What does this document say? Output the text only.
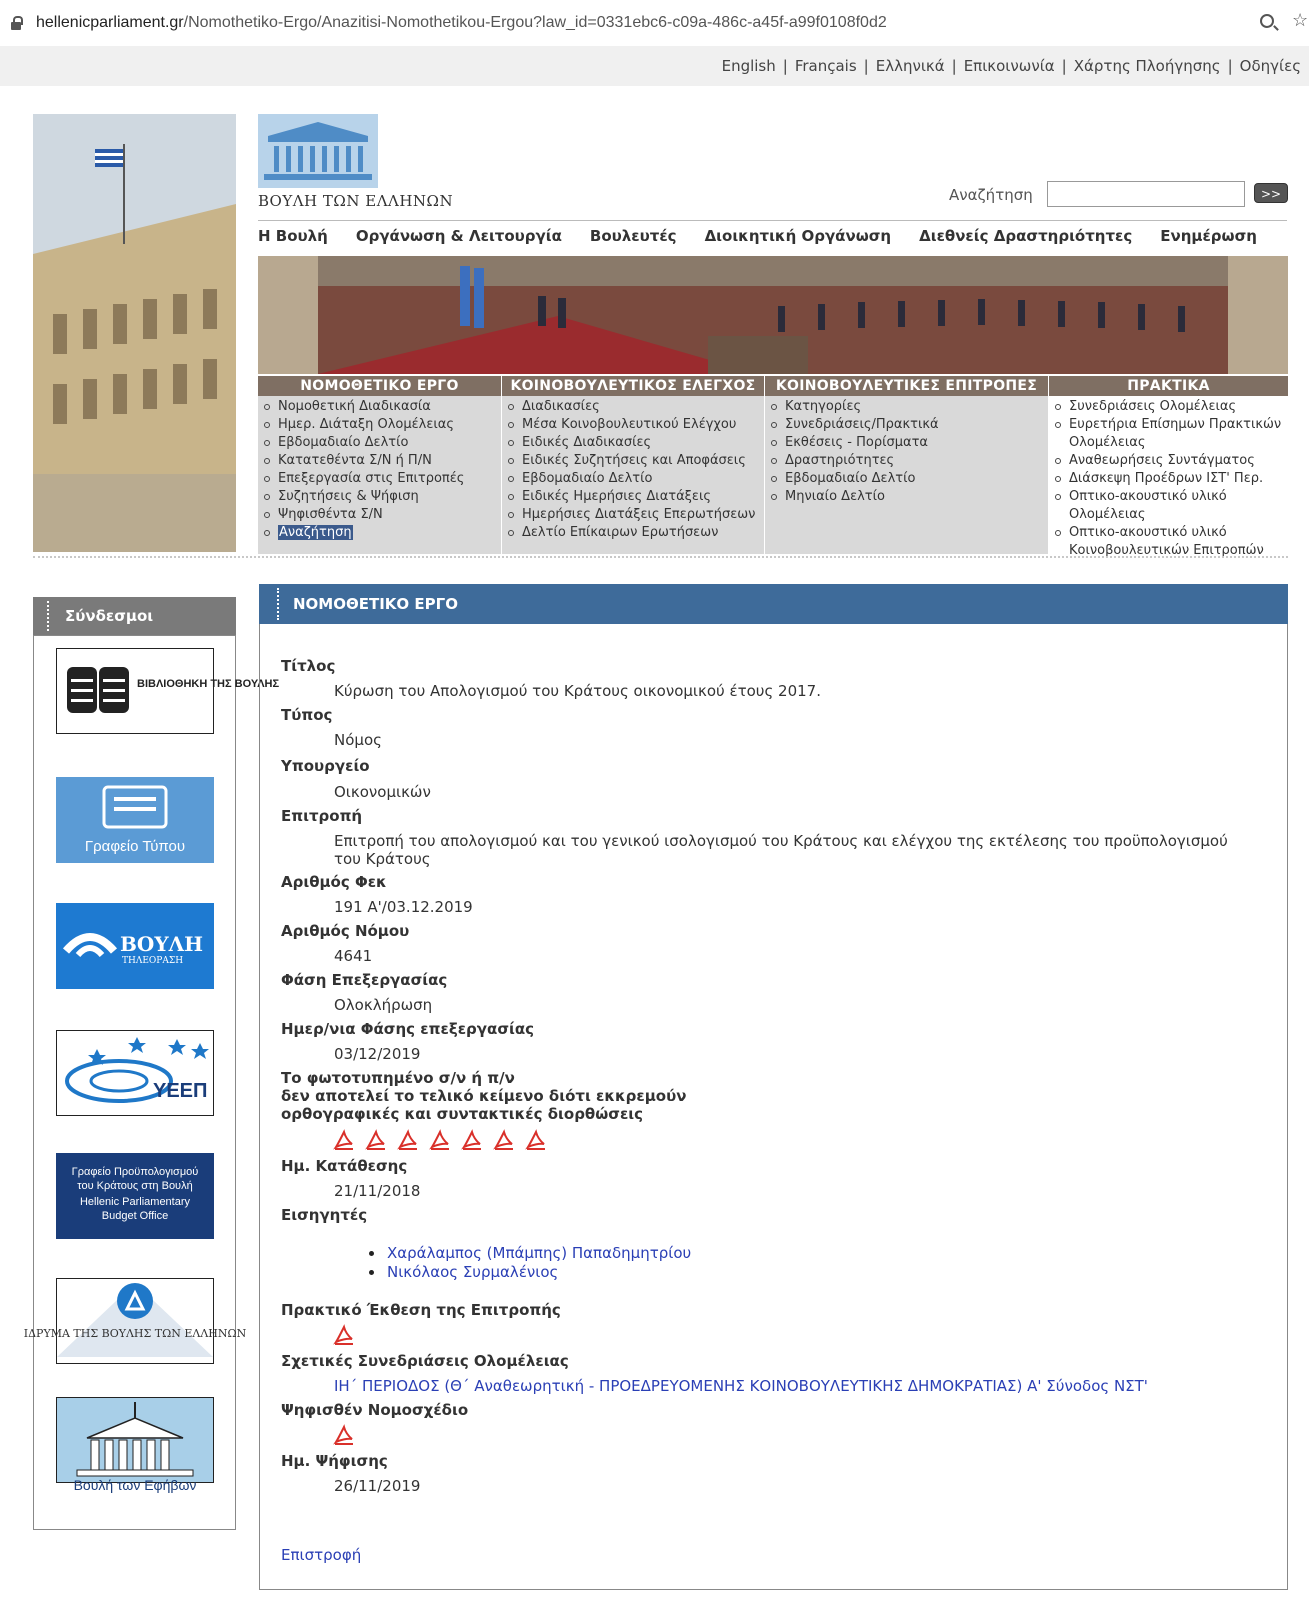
hellenicparliament.gr/Nomothetiko-Ergo/Anazitisi-Nomothetikou-Ergou?law_id=0331ebc6-c09a-486c-a45f-a99f0108f0d2	☆
English | Français | Ελληνικά | Επικοινωνία | Χάρτης Πλοήγησης | Οδηγίες
ΒΟΥΛΗ ΤΩΝ ΕΛΛΗΝΩΝ	Αναζήτηση	>>
Η Βουλή Οργάνωση & Λειτουργία Βουλευτές Διοικητική Οργάνωση Διεθνείς Δραστηριότητες Ενημέρωση
ΝΟΜΟΘΕΤΙΚΟ ΕΡΓΟ
Νομοθετική Διαδικασία
Ημερ. Διάταξη Ολομέλειας
Εβδομαδιαίο Δελτίο
Κατατεθέντα Σ/Ν ή Π/Ν
Επεξεργασία στις Επιτροπές
Συζητήσεις & Ψήφιση
Ψηφισθέντα Σ/Ν
Αναζήτηση
ΚΟΙΝΟΒΟΥΛΕΥΤΙΚΟΣ ΕΛΕΓΧΟΣ
Διαδικασίες
Μέσα Κοινοβουλευτικού Ελέγχου
Ειδικές Διαδικασίες
Ειδικές Συζητήσεις και Αποφάσεις
Εβδομαδιαίο Δελτίο
Ειδικές Ημερήσιες Διατάξεις
Ημερήσιες Διατάξεις Επερωτήσεων
Δελτίο Επίκαιρων Ερωτήσεων
ΚΟΙΝΟΒΟΥΛΕΥΤΙΚΕΣ ΕΠΙΤΡΟΠΕΣ
Κατηγορίες
Συνεδριάσεις/Πρακτικά
Εκθέσεις - Πορίσματα
Δραστηριότητες
Εβδομαδιαίο Δελτίο
Μηνιαίο Δελτίο
ΠΡΑΚΤΙΚΑ
Συνεδριάσεις Ολομέλειας
Ευρετήρια Επίσημων Πρακτικών Ολομέλειας
Αναθεωρήσεις Συντάγματος
Διάσκεψη Προέδρων ΙΣΤ' Περ.
Οπτικο-ακουστικό υλικό Ολομέλειας
Οπτικο-ακουστικό υλικό Κοινοβουλευτικών Επιτροπών
Σύνδεσμοι
ΒΙΒΛΙΟΘΗΚΗ ΤΗΣ ΒΟΥΛΗΣ
Γραφείο Τύπου
ΒΟΥΛΗ
ΤΗΛΕΟΡΑΣΗ
ΥΕΕΠ
Γραφείο Προϋπολογισμού του Κράτους στη Βουλή
Hellenic Parliamentary Budget Office
ΙΔΡΥΜΑ ΤΗΣ ΒΟΥΛΗΣ ΤΩΝ ΕΛΛΗΝΩΝ
Βουλή των Εφήβων
ΝΟΜΟΘΕΤΙΚΟ ΕΡΓΟ
Τίτλος
Κύρωση του Απολογισμού του Κράτους οικονομικού έτους 2017.
Τύπος
Νόμος
Υπουργείο
Οικονομικών
Επιτροπή
Επιτροπή του απολογισμού και του γενικού ισολογισμού του Κράτους και ελέγχου της εκτέλεσης του προϋπολογισμού του Κράτους
Αριθμός Φεκ
191 Α'/03.12.2019
Αριθμός Νόμου
4641
Φάση Επεξεργασίας
Ολοκλήρωση
Ημερ/νια Φάσης επεξεργασίας
03/12/2019
Το φωτοτυπημένο σ/ν ή π/ν
δεν αποτελεί το τελικό κείμενο διότι εκκρεμούν
ορθογραφικές και συντακτικές διορθώσεις
Ημ. Κατάθεσης
21/11/2018
Εισηγητές
Χαράλαμπος (Μπάμπης) Παπαδημητρίου
Νικόλαος Συρμαλένιος
Πρακτικό Έκθεση της Επιτροπής
Σχετικές Συνεδριάσεις Ολομέλειας
ΙΗ΄ ΠΕΡΙΟΔΟΣ (Θ΄ Αναθεωρητική - ΠΡΟΕΔΡΕΥΟΜΕΝΗΣ ΚΟΙΝΟΒΟΥΛΕΥΤΙΚΗΣ ΔΗΜΟΚΡΑΤΙΑΣ) Α' Σύνοδος ΝΣΤ'
Ψηφισθέν Νομοσχέδιο
Ημ. Ψήφισης
26/11/2019
Επιστροφή
